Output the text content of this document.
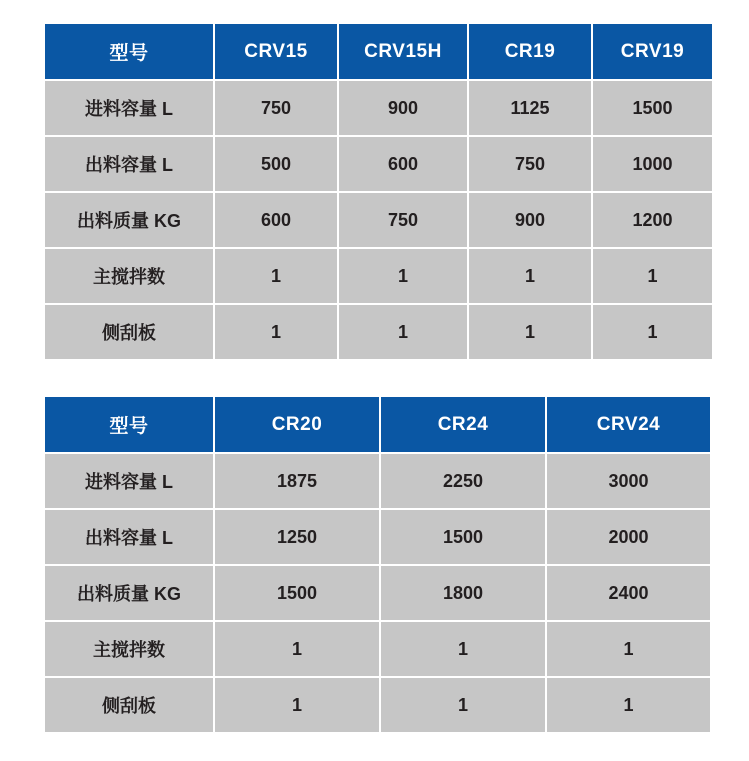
型号	CRV15	CRV15H	CR19	CRV19
进料容量 L	750	900	1125	1500
出料容量 L	500	600	750	1000
出料质量 KG	600	750	900	1200
主搅拌数	1	1	1	1
侧刮板	1	1	1	1
型号	CR20	CR24	CRV24
进料容量 L	1875	2250	3000
出料容量 L	1250	1500	2000
出料质量 KG	1500	1800	2400
主搅拌数	1	1	1
侧刮板	1	1	1
